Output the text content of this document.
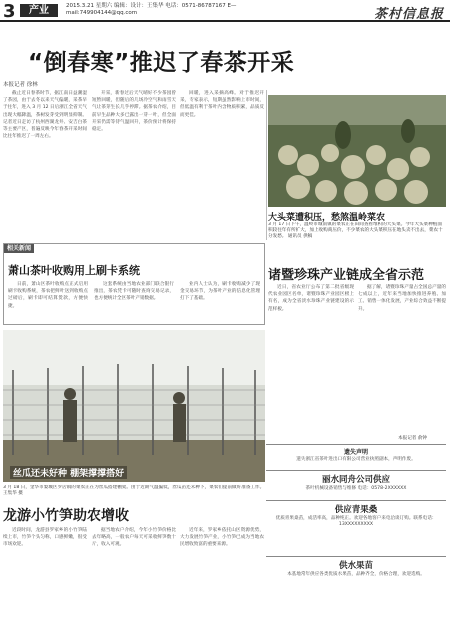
3	产业	2015.3.21 星期六 编辑：设计：王集华 电话：0571-86787167 E—mail:749904144@qq.com	茶村信息报
“倒春寒”推迟了春茶开采
本报记者 徐林

截止近日春茶时节，据江南日益潮湿了茶园，由于去冬以来天气偏暖，采茶早于往年，进入 3 月 12 日后浙江全省天气出现大幅降温，茶树发芽受到明显抑制。记者近日走访了杭州西湖龙井、安吉白茶等主要产区，普遍反映今年春茶开采时间比往年推迟了一周左右。

开采，新春过后天气晴好不少茶园曾短暂回暖，但随后的几场冷空气和雨雪天气让茶芽生长几乎停滞。据茶农介绍，目前早生品种大多已露出一芽一叶，但全面开采仍需等待气温回升，茶价预计将保持稳定。

回暖，进入采摘高峰。对于推迟开采，专家表示，短期虽然影响上市时间，但低温有利于茶叶内含物质积累，品质反而更佳。

相关新闻
萧山茶叶收购用上刷卡系统

日前，萧山区茶叶收购点正式启用刷卡收购系统，茶农把鲜叶送到收购点过磅后，刷卡即可结算货款，方便快捷。

这套系统由当地农业部门联合银行推出，茶农凭卡可随时查询交易记录，也方便统计全区茶叶产销数据。

业内人士认为，刷卡收购减少了现金交易环节，为茶叶产业的信息化管理打下了基础。

大头菜遭积压，愁煞温岭菜农
3 月 17 日下午，温岭市城南镇的菜农正在田间查看堆积的大头菜。今年大头菜种植面积较往年有所扩大，加上收购商压价，不少菜农的大头菜积压在地头卖不出去，菜农十分发愁。 通讯员 供稿
诸暨珍珠产业链成全省示范

近日，省农业厅公布了第二批省级现代农业园区名单，诸暨珍珠产业园区榜上有名，成为全省淡水珍珠产业链建设的示范样板。

据了解，诸暨珍珠产量占全国总产量的七成以上，近年来当地加快推进养殖、加工、销售一体化发展，产业综合效益不断提升。

本报记者 俞钟
丝瓜还未好种 棚架撑撑搭好
3 月 18 日，金华市婺城区罗店镇的菜农正在为丝瓜搭建棚架。由于近期气温偏低，丝瓜苗还未种下，菜农们提前做好准备工作。 王集华 摄
龙游小竹笋助农增收

近段时间，龙游县罗家乡的小竹笋陆续上市，竹笋个头匀称，口感鲜嫩，很受市场欢迎。

据当地农户介绍，今年小竹笋价格比去年略高，一般农户每天可采收鲜笋数十斤，收入可观。

近年来，罗家乡依托山区资源优势，大力发展竹笋产业，小竹笋已成为当地农民增收致富的重要来源。

遗失声明
遗失浙江省茶叶进出口有限公司营业执照副本，声明作废。
丽水同舟公司供应
茶叶机械设备销售与维修 电话：0578-2XXXXXX
供应青果桑
优质青果桑苗，成活率高，品种纯正。欢迎各地客户来电洽谈订购。联系电话：13XXXXXXXXX
供水果苗
本基地常年供应各类优质水果苗，品种齐全，价格合理，欢迎选购。
